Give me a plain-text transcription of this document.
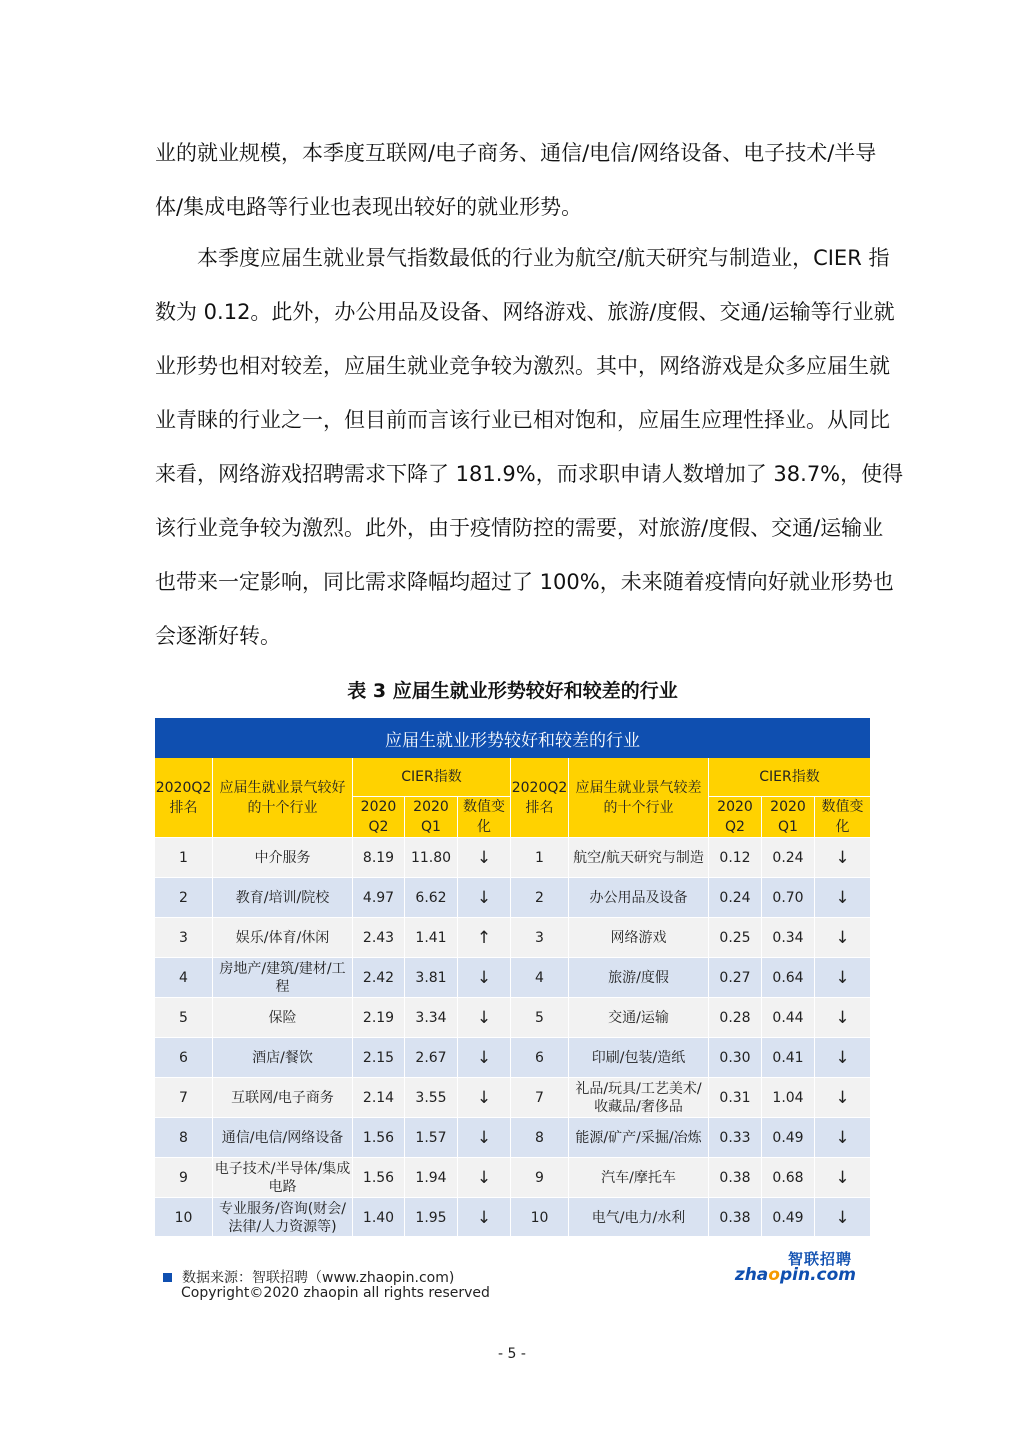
业的就业规模，本季度互联网/电子商务、通信/电信/网络设备、电子技术/半导
体/集成电路等行业也表现出较好的就业形势。
本季度应届生就业景气指数最低的行业为航空/航天研究与制造业，CIER 指
数为 0.12。此外，办公用品及设备、网络游戏、旅游/度假、交通/运输等行业就
业形势也相对较差，应届生就业竞争较为激烈。其中，网络游戏是众多应届生就
业青睐的行业之一，但目前而言该行业已相对饱和，应届生应理性择业。从同比
来看，网络游戏招聘需求下降了 181.9%，而求职申请人数增加了 38.7%，使得
该行业竞争较为激烈。此外，由于疫情防控的需要，对旅游/度假、交通/运输业
也带来一定影响，同比需求降幅均超过了 100%，未来随着疫情向好就业形势也
会逐渐好转。
表 3 应届生就业形势较好和较差的行业
应届生就业形势较好和较差的行业									
2020Q2排名	应届生就业景气较好的十个行业	CIER指数			2020Q2排名	应届生就业景气较差的十个行业	CIER指数		
		2020 Q2	2020 Q1	数值变化			2020 Q2	2020 Q1	数值变化
1	中介服务	8.19	11.80	↓	1	航空/航天研究与制造	0.12	0.24	↓
2	教育/培训/院校	4.97	6.62	↓	2	办公用品及设备	0.24	0.70	↓
3	娱乐/体育/休闲	2.43	1.41	↑	3	网络游戏	0.25	0.34	↓
4	房地产/建筑/建材/工程	2.42	3.81	↓	4	旅游/度假	0.27	0.64	↓
5	保险	2.19	3.34	↓	5	交通/运输	0.28	0.44	↓
6	酒店/餐饮	2.15	2.67	↓	6	印刷/包装/造纸	0.30	0.41	↓
7	互联网/电子商务	2.14	3.55	↓	7	礼品/玩具/工艺美术/收藏品/奢侈品	0.31	1.04	↓
8	通信/电信/网络设备	1.56	1.57	↓	8	能源/矿产/采掘/冶炼	0.33	0.49	↓
9	电子技术/半导体/集成电路	1.56	1.94	↓	9	汽车/摩托车	0.38	0.68	↓
10	专业服务/咨询(财会/法律/人力资源等)	1.40	1.95	↓	10	电气/电力/水利	0.38	0.49	↓
数据来源：智联招聘（www.zhaopin.com)
Copyright©2020 zhaopin all rights reserved
智联招聘
zhaopin.com
- 5 -
